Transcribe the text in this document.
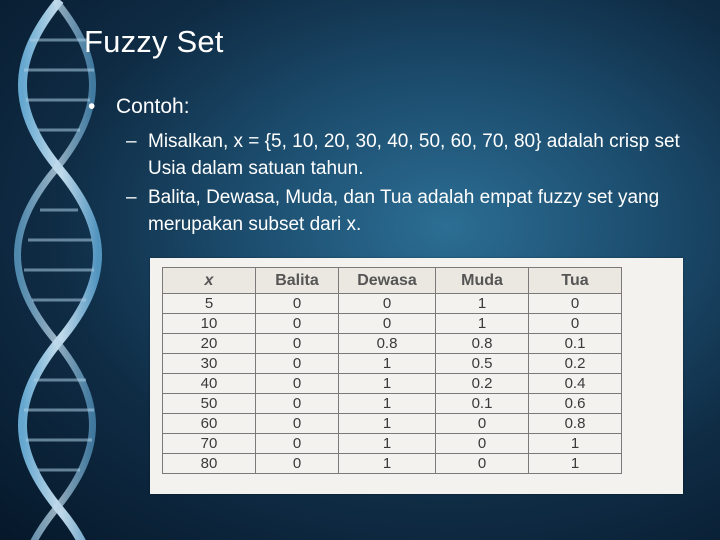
Fuzzy Set
• Contoh:
– Misalkan, x = {5, 10, 20, 30, 40, 50, 60, 70, 80} adalah crisp set Usia dalam satuan tahun.
– Balita, Dewasa, Muda, dan Tua adalah empat fuzzy set yang merupakan subset dari x.
x	Balita	Dewasa	Muda	Tua
5	0	0	1	0
10	0	0	1	0
20	0	0.8	0.8	0.1
30	0	1	0.5	0.2
40	0	1	0.2	0.4
50	0	1	0.1	0.6
60	0	1	0	0.8
70	0	1	0	1
80	0	1	0	1
